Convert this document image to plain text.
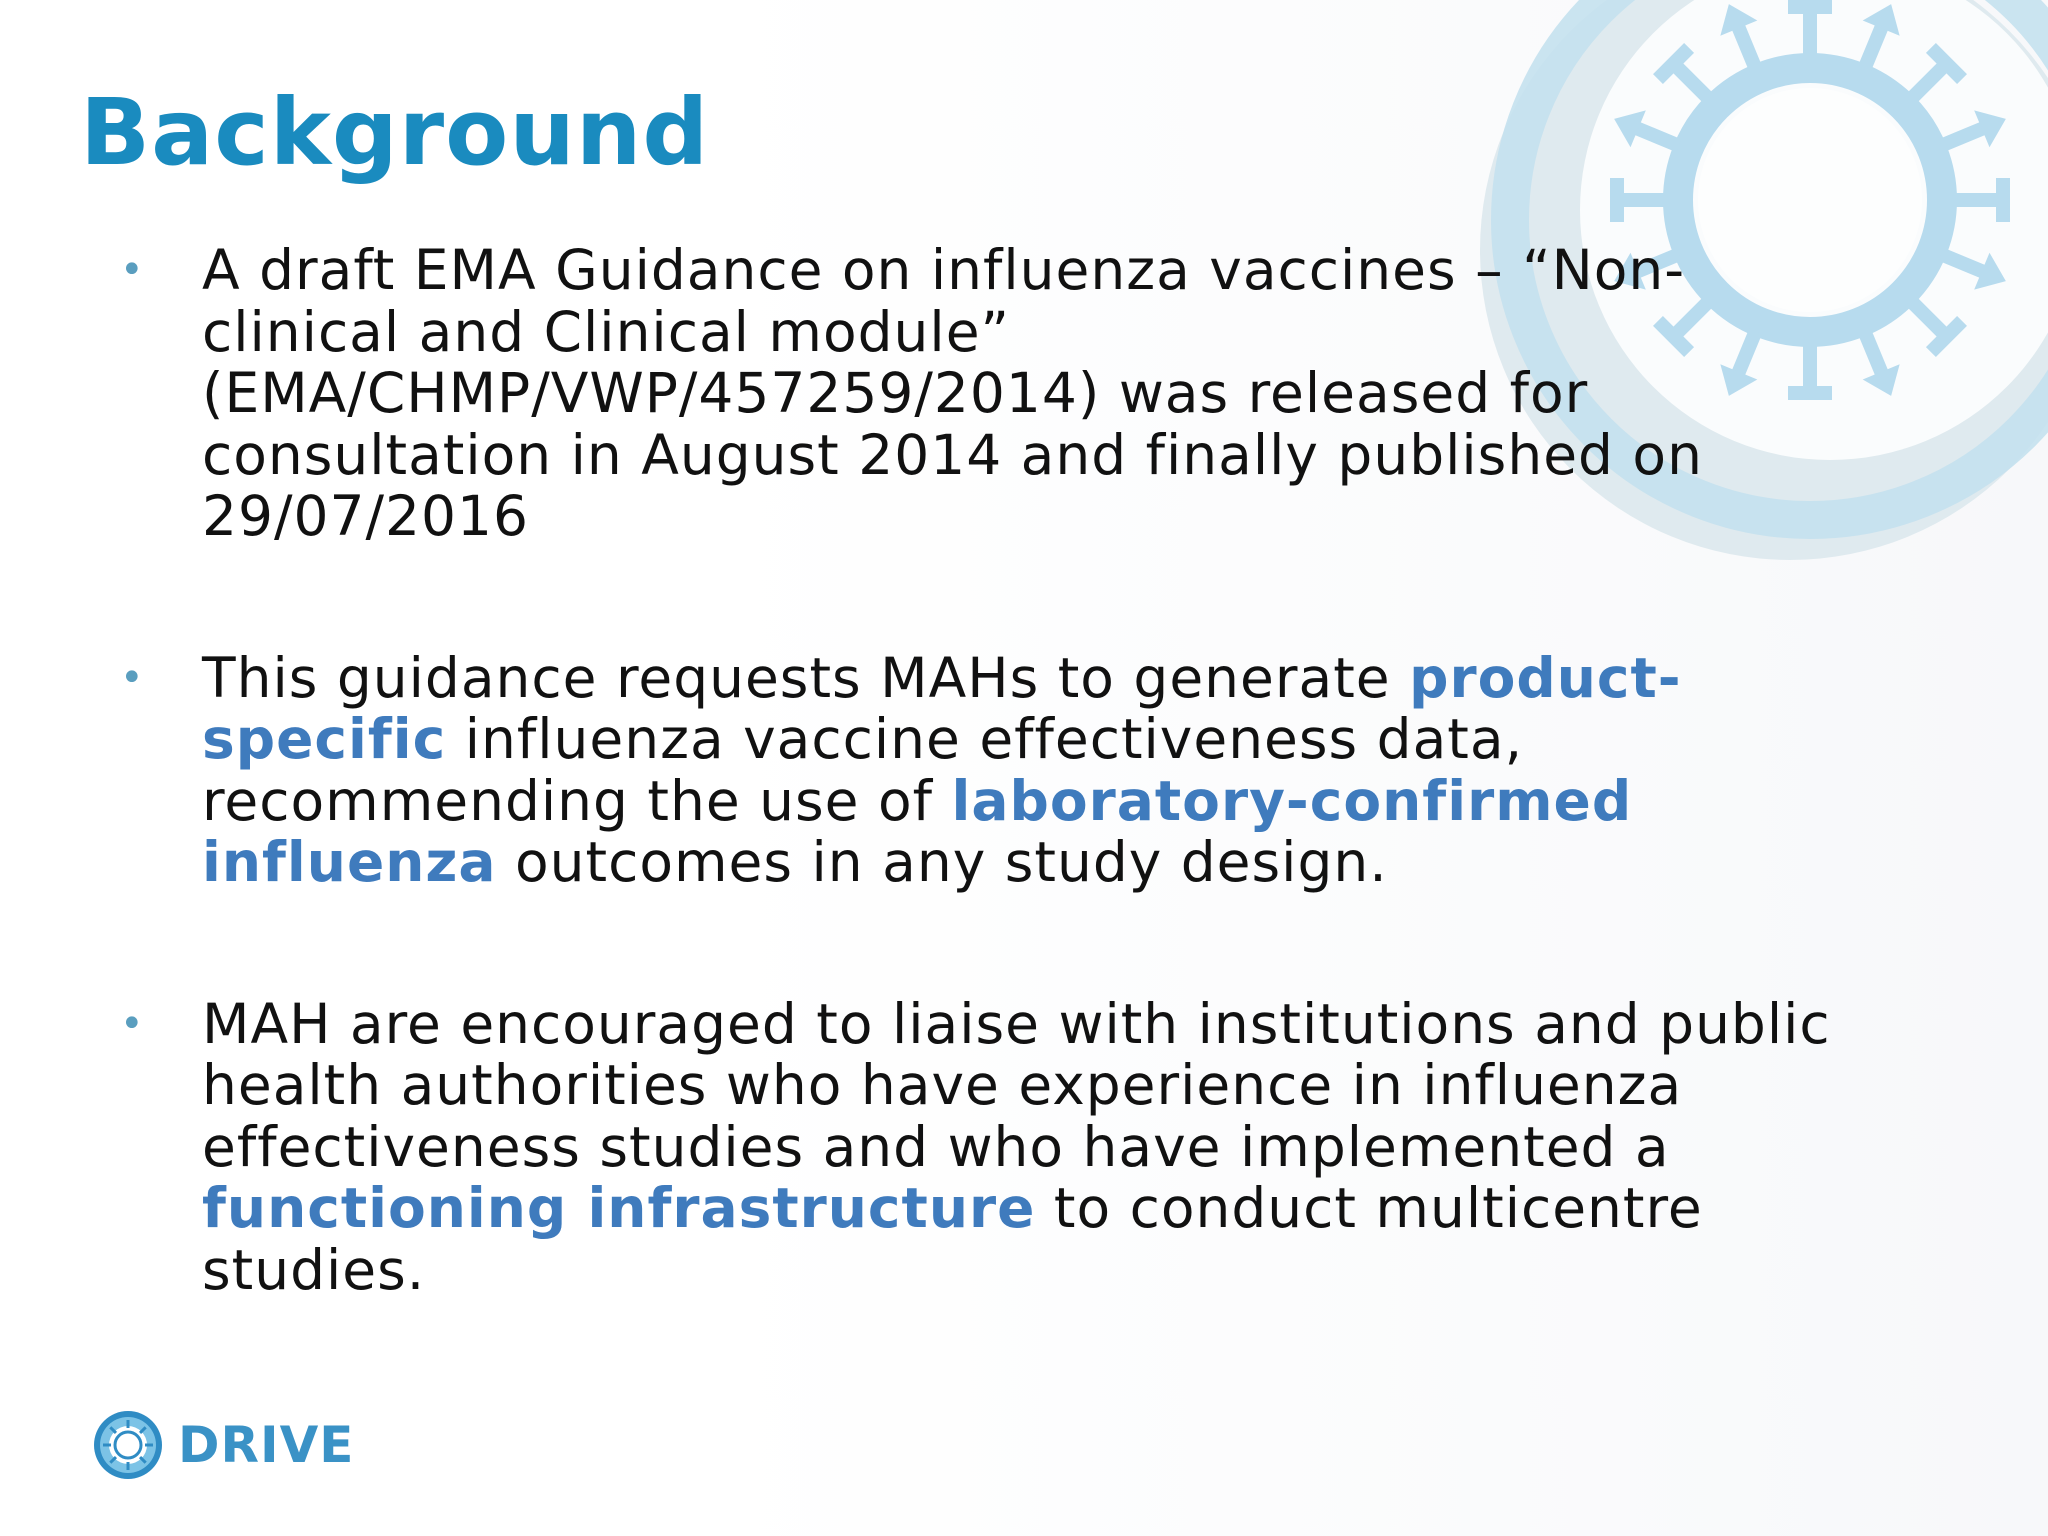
Background
• A draft EMA Guidance on influenza vaccines – “Non-clinical and Clinical module” (EMA/CHMP/VWP/457259/2014) was released for consultation in August 2014 and finally published on 29/07/2016
• This guidance requests MAHs to generate product-specific influenza vaccine effectiveness data, recommending the use of laboratory-confirmed influenza outcomes in any study design.
• MAH are encouraged to liaise with institutions and public health authorities who have experience in influenza effectiveness studies and who have implemented a functioning infrastructure to conduct multicentre studies.
DRIVE
